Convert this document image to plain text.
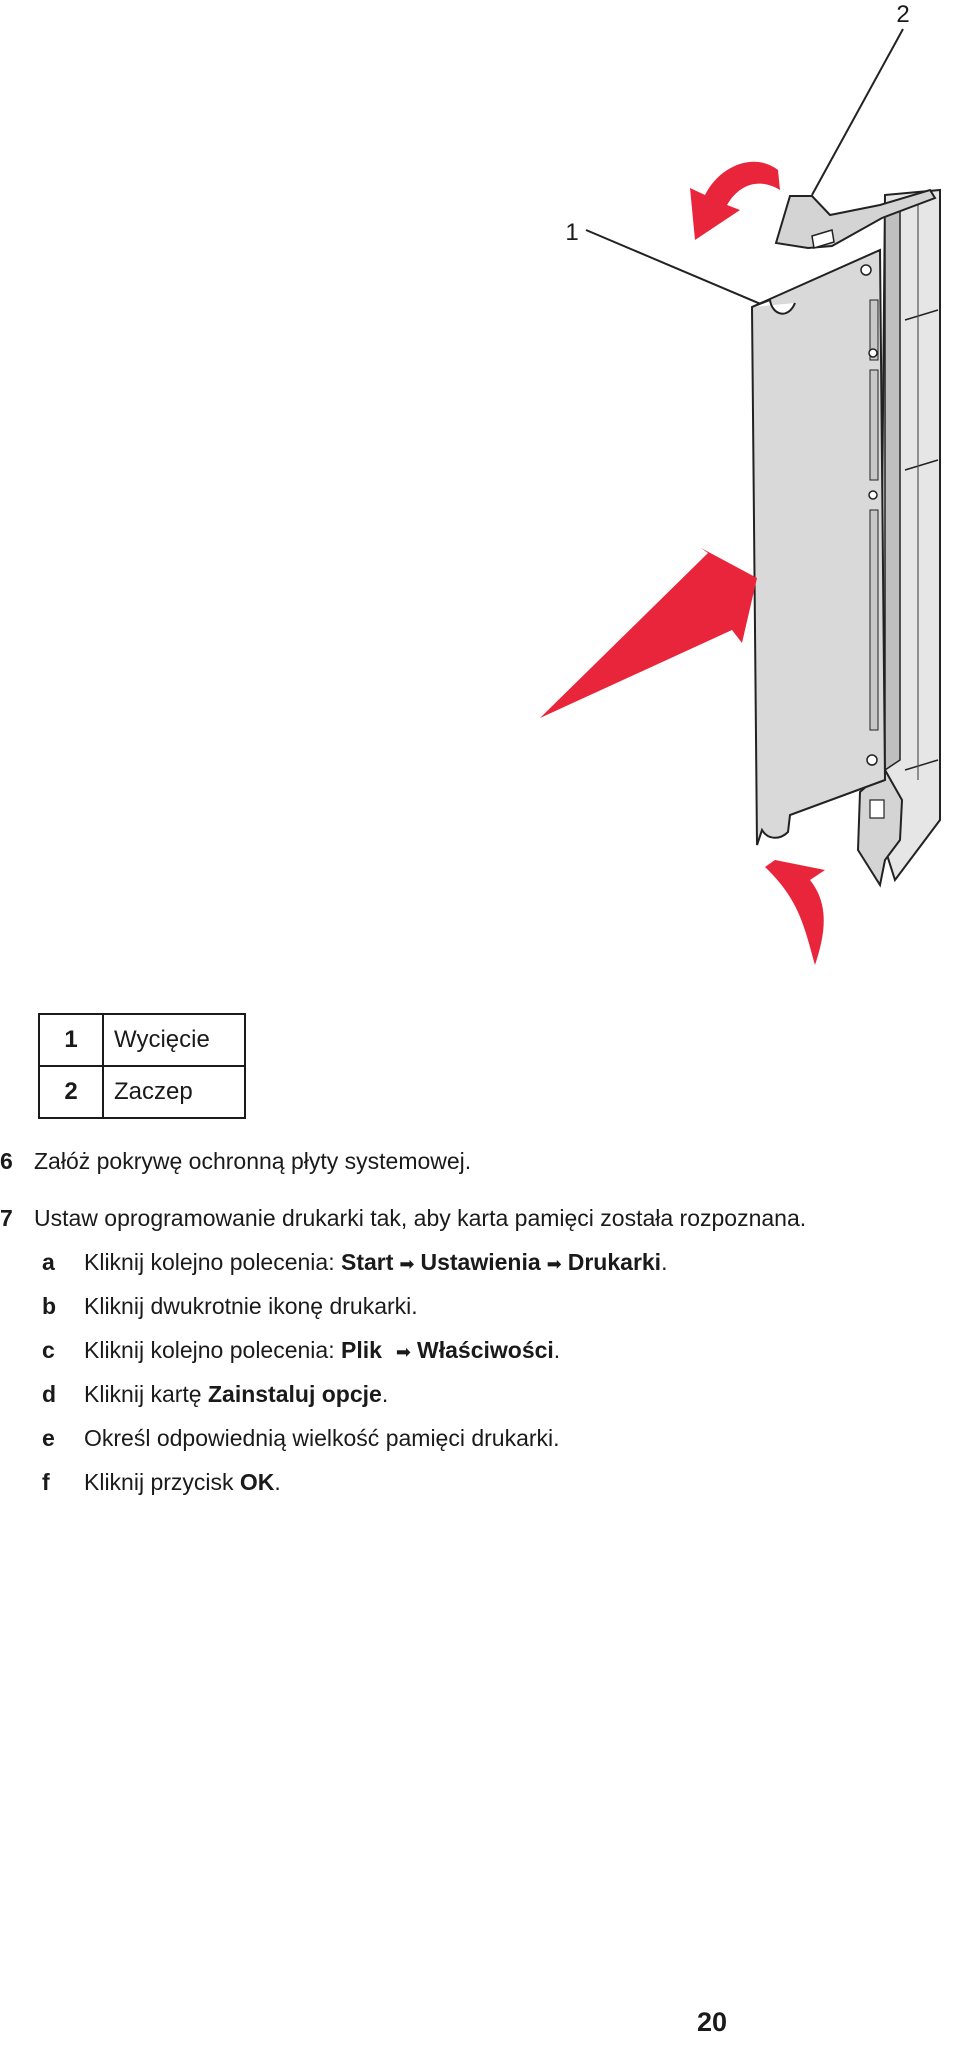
2
1
1	Wycięcie
2	Zaczep
6 Załóż pokrywę ochronną płyty systemowej.
7 Ustaw oprogramowanie drukarki tak, aby karta pamięci została rozpoznana.
a Kliknij kolejno polecenia: Start ➡ Ustawienia ➡ Drukarki.
b Kliknij dwukrotnie ikonę drukarki.
c Kliknij kolejno polecenia: Plik ➡ Właściwości.
d Kliknij kartę Zainstaluj opcje.
e Określ odpowiednią wielkość pamięci drukarki.
f Kliknij przycisk OK.
20
